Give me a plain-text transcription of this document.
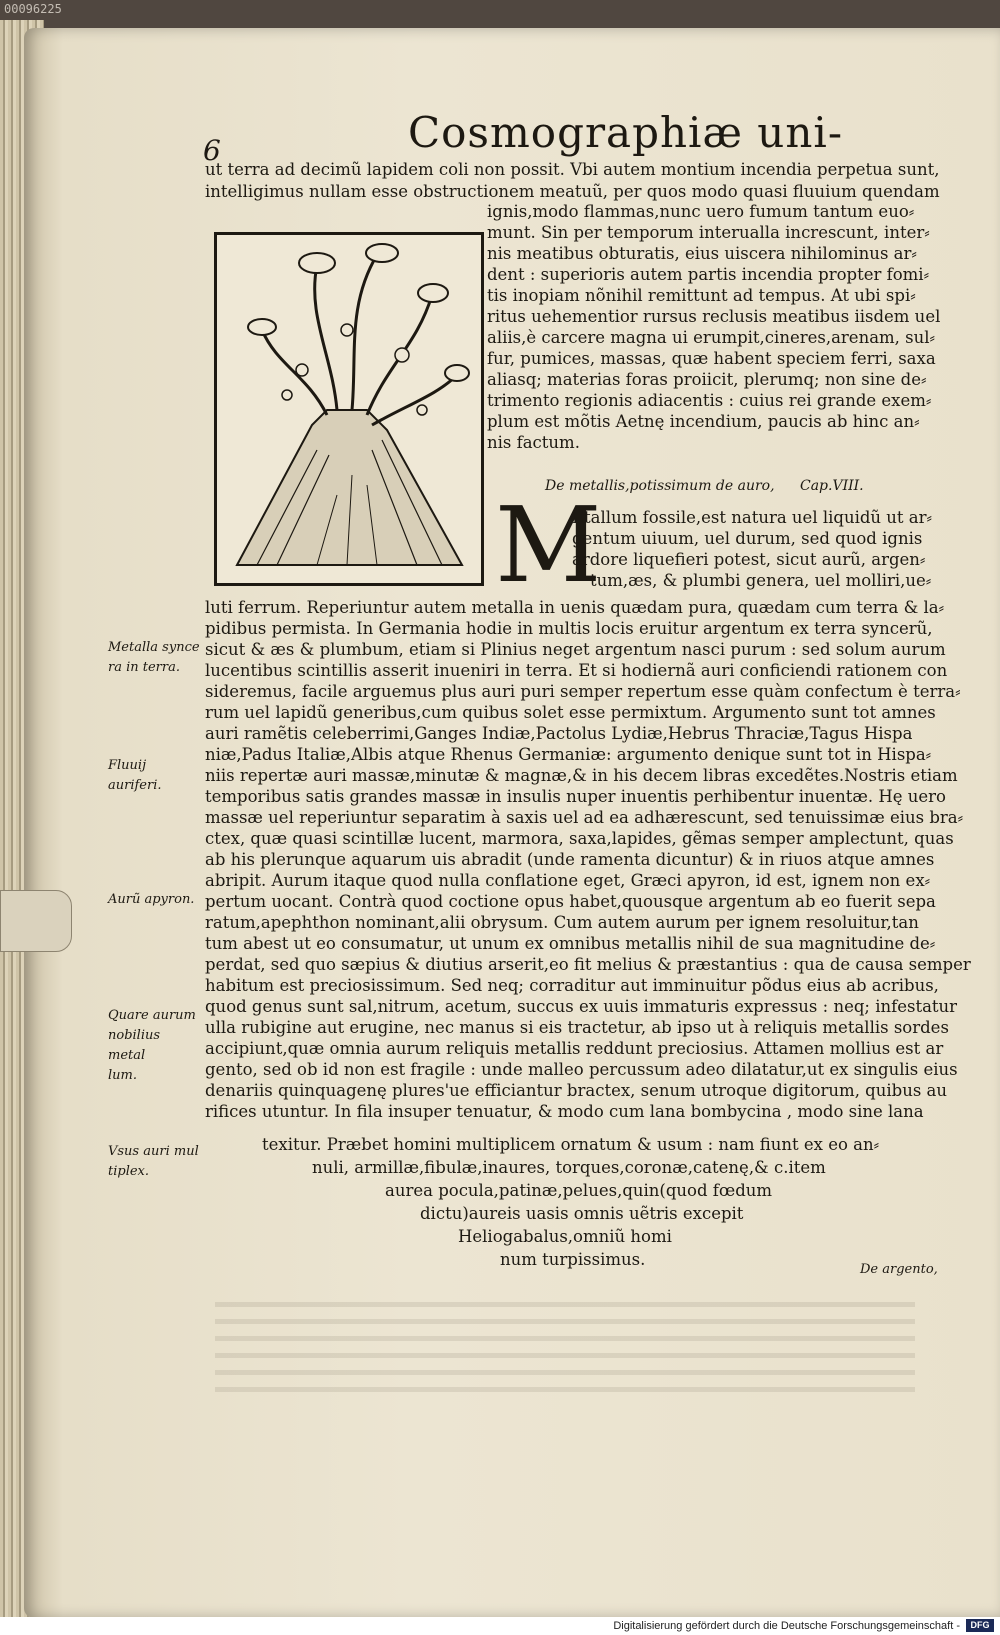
00096225
6	Cosmographiæ uni-
ut terra ad decimũ lapidem coli non possit. Vbi autem montium incendia perpetua sunt,
intelligimus nullam esse obstructionem meatuũ, per quos modo quasi fluuium quendam
ignis,modo flammas,nunc uero fumum tantum euo⸗
munt. Sin per temporum interualla increscunt, inter⸗
nis meatibus obturatis, eius uiscera nihilominus ar⸗
dent : superioris autem partis incendia propter fomi⸗
tis inopiam nõnihil remittunt ad tempus. At ubi spi⸗
ritus uehementior rursus reclusis meatibus iisdem uel
aliis,è carcere magna ui erumpit,cineres,arenam, sul⸗
fur, pumices, massas, quæ habent speciem ferri, saxa
aliasq; materias foras proiicit, plerumq; non sine de⸗
trimento regionis adiacentis : cuius rei grande exem⸗
plum est mõtis Aetnę incendium, paucis ab hinc an⸗
nis factum.
De metallis,potissimum de auro, Cap.VIII.
M
Etallum fossile,est natura uel liquidũ ut ar⸗
gentum uiuum, uel durum, sed quod ignis
ardore liquefieri potest, sicut aurũ, argen⸗
tum,æs, & plumbi genera, uel molliri,ue⸗
luti ferrum. Reperiuntur autem metalla in uenis quædam pura, quædam cum terra & la⸗
pidibus permista. In Germania hodie in multis locis eruitur argentum ex terra syncerũ,
sicut & æs & plumbum, etiam si Plinius neget argentum nasci purum : sed solum aurum
lucentibus scintillis asserit inueniri in terra. Et si hodiernã auri conficiendi rationem con
sideremus, facile arguemus plus auri puri semper repertum esse quàm confectum è terra⸗
rum uel lapidũ generibus,cum quibus solet esse permixtum. Argumento sunt tot amnes
auri ramẽtis celeberrimi,Ganges Indiæ,Pactolus Lydiæ,Hebrus Thraciæ,Tagus Hispa
niæ,Padus Italiæ,Albis atque Rhenus Germaniæ: argumento denique sunt tot in Hispa⸗
niis repertæ auri massæ,minutæ & magnæ,& in his decem libras excedẽtes.Nostris etiam
temporibus satis grandes massæ in insulis nuper inuentis perhibentur inuentæ. Hę uero
massæ uel reperiuntur separatim à saxis uel ad ea adhærescunt, sed tenuissimæ eius bra⸗
ctex, quæ quasi scintillæ lucent, marmora, saxa,lapides, gẽmas semper amplectunt, quas
ab his plerunque aquarum uis abradit (unde ramenta dicuntur) & in riuos atque amnes
abripit. Aurum itaque quod nulla conflatione eget, Græci apyron, id est, ignem non ex⸗
pertum uocant. Contrà quod coctione opus habet,quousque argentum ab eo fuerit sepa
ratum,apephthon nominant,alii obrysum. Cum autem aurum per ignem resoluitur,tan
tum abest ut eo consumatur, ut unum ex omnibus metallis nihil de sua magnitudine de⸗
perdat, sed quo sæpius & diutius arserit,eo fit melius & præstantius : qua de causa semper
habitum est preciosissimum. Sed neq; corraditur aut imminuitur põdus eius ab acribus,
quod genus sunt sal,nitrum, acetum, succus ex uuis immaturis expressus : neq; infestatur
ulla rubigine aut erugine, nec manus si eis tractetur, ab ipso ut à reliquis metallis sordes
accipiunt,quæ omnia aurum reliquis metallis reddunt preciosius. Attamen mollius est ar
gento, sed ob id non est fragile : unde malleo percussum adeo dilatatur,ut ex singulis eius
denariis quinquagenę plures'ue efficiantur bractex, senum utroque digitorum, quibus au
rifices utuntur. In fila insuper tenuatur, & modo cum lana bombycina , modo sine lana
texitur. Præbet homini multiplicem ornatum & usum : nam fiunt ex eo an⸗
nuli, armillæ,fibulæ,inaures, torques,coronæ,catenę,& c.item
aurea pocula,patinæ,pelues,quin(quod fœdum
dictu)aureis uasis omnis uẽtris excepit
Heliogabalus,omniũ homi
num turpissimus.
De argento,
Metalla synce
ra in terra.
Fluuij auriferi.
Aurũ apyron.
Quare aurum
nobilius metal
lum.
Vsus auri mul
tiplex.
Digitalisierung gefördert durch die Deutsche Forschungsgemeinschaft -	DFG
